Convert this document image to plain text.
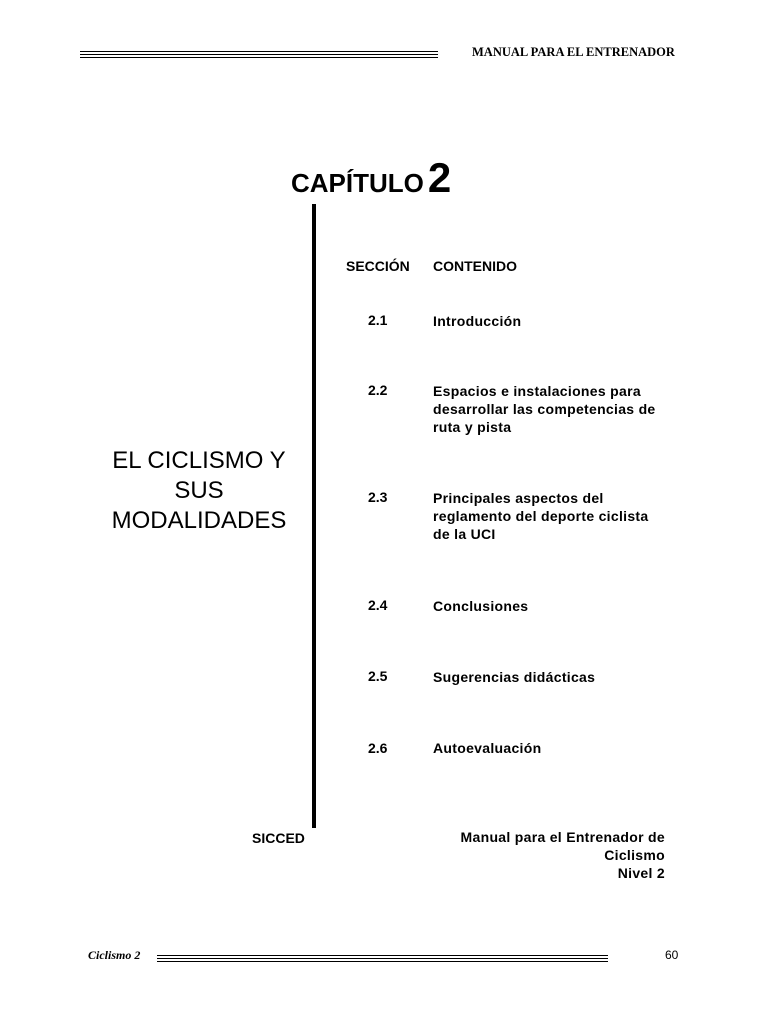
MANUAL PARA EL ENTRENADOR
CAPÍTULO2
EL CICLISMO Y
SUS
MODALIDADES
SECCIÓN CONTENIDO
2.1	Introducción
2.2	Espacios e instalaciones para
desarrollar las competencias de
ruta y pista
2.3	Principales aspectos del
reglamento del deporte ciclista
de la UCI
2.4	Conclusiones
2.5	Sugerencias didácticas
2.6	Autoevaluación
SICCED	Manual para el Entrenador de
Ciclismo
Nivel 2
Ciclismo 2	60
